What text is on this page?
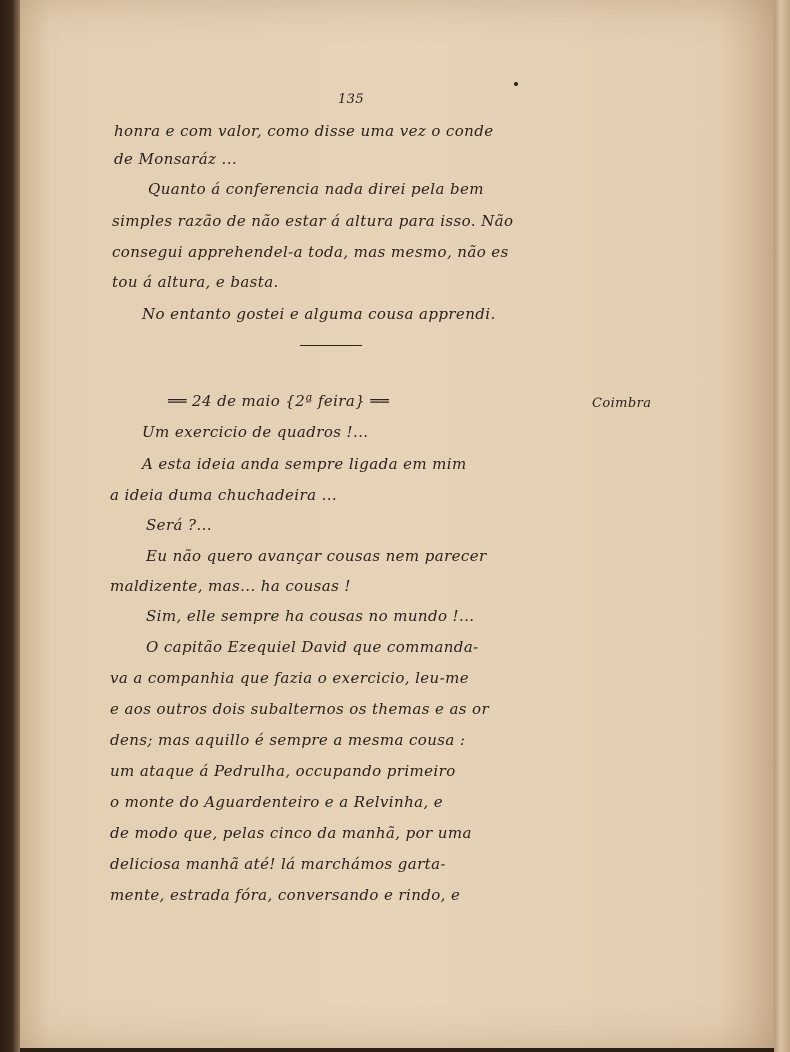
135
honra e com valor, como disse uma vez o conde
de Monsaráz ...
Quanto á conferencia nada direi pela bem
simples razão de não estar á altura para isso. Não
consegui apprehendel-a toda, mas mesmo, não es
tou á altura, e basta.
No entanto gostei e alguma cousa apprendi.
══ 24 de maio {2ª feira} ══	Coimbra
Um exercicio de quadros !...
A esta ideia anda sempre ligada em mim
a ideia duma chuchadeira ...
Será ?...
Eu não quero avançar cousas nem parecer
maldizente, mas... ha cousas !
Sim, elle sempre ha cousas no mundo !...
O capitão Ezequiel David que commanda-
va a companhia que fazia o exercicio, leu-me
e aos outros dois subalternos os themas e as or
dens; mas aquillo é sempre a mesma cousa :
um ataque á Pedrulha, occupando primeiro
o monte do Aguardenteiro e a Relvinha, e
de modo que, pelas cinco da manhã, por uma
deliciosa manhã até! lá marchámos garta-
mente, estrada fóra, conversando e rindo, e
